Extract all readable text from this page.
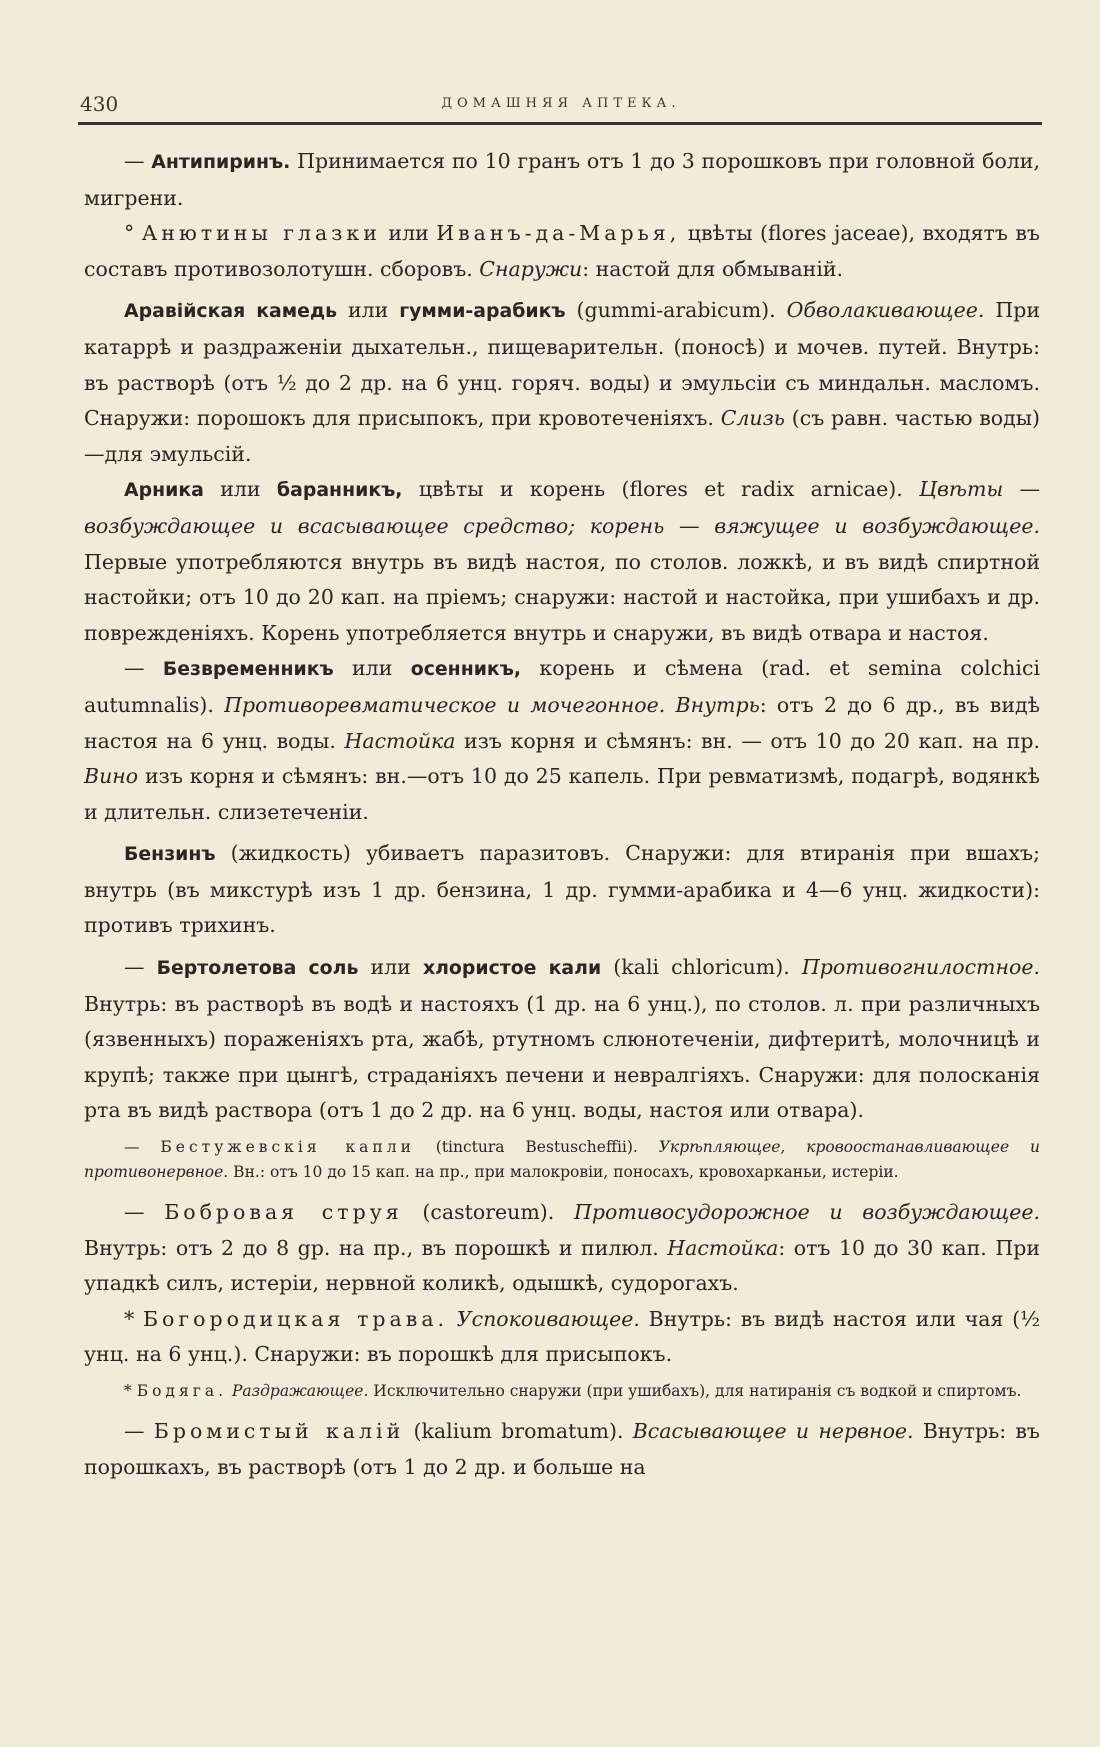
430	ДОМАШНЯЯ АПТЕКА.

— Антипиринъ. Принимается по 10 гранъ отъ 1 до 3 порошковъ при головной боли, мигрени.

° Анютины глазки или Иванъ-да-Марья, цвѣты (flores jaceae), входятъ въ составъ противозолотушн. сборовъ. Снаружи: настой для обмываній.

Аравійская камедь или гумми-арабикъ (gummi-arabicum). Обволакивающее. При катаррѣ и раздраженіи дыхательн., пищеварительн. (поносѣ) и мочев. путей. Внутрь: въ растворѣ (отъ ½ до 2 др. на 6 унц. горяч. воды) и эмульсіи съ миндальн. масломъ. Снаружи: порошокъ для присыпокъ, при кровотеченіяхъ. Слизь (съ равн. частью воды)—для эмульсій.

Арника или баранникъ, цвѣты и корень (flores et radix arnicae). Цвѣты — возбуждающее и всасывающее средство; корень — вяжущее и возбуждающее. Первые употребляются внутрь въ видѣ настоя, по столов. ложкѣ, и въ видѣ спиртной настойки; отъ 10 до 20 кап. на пріемъ; снаружи: настой и настойка, при ушибахъ и др. поврежденіяхъ. Корень употребляется внутрь и снаружи, въ видѣ отвара и настоя.

— Безвременникъ или осенникъ, корень и сѣмена (rad. et semina colchici autumnalis). Противоревматическое и мочегонное. Внутрь: отъ 2 до 6 др., въ видѣ настоя на 6 унц. воды. Настойка изъ корня и сѣмянъ: вн. — отъ 10 до 20 кап. на пр. Вино изъ корня и сѣмянъ: вн.—отъ 10 до 25 капель. При ревматизмѣ, подагрѣ, водянкѣ и длительн. слизетеченіи.

Бензинъ (жидкость) убиваетъ паразитовъ. Снаружи: для втиранія при вшахъ; внутрь (въ микстурѣ изъ 1 др. бензина, 1 др. гумми-арабика и 4—6 унц. жидкости): противъ трихинъ.

— Бертолетова соль или хлористое кали (kali chloricum). Противогнилостное. Внутрь: въ растворѣ въ водѣ и настояхъ (1 др. на 6 унц.), по столов. л. при различныхъ (язвенныхъ) пораженіяхъ рта, жабѣ, ртутномъ слюнотеченіи, дифтеритѣ, молочницѣ и крупѣ; также при цынгѣ, страданіяхъ печени и невралгіяхъ. Снаружи: для полосканія рта въ видѣ раствора (отъ 1 до 2 др. на 6 унц. воды, настоя или отвара).

— Бестужевскія капли (tinctura Bestuscheffii). Укрѣпляющее, кровоостанавливающее и противонервное. Вн.: отъ 10 до 15 кап. на пр., при малокровіи, поносахъ, кровохарканьи, истеріи.

— Бобровая струя (castoreum). Противосудорожное и возбуждающее. Внутрь: отъ 2 до 8 gр. на пр., въ порошкѣ и пилюл. Настойка: отъ 10 до 30 кап. При упадкѣ силъ, истеріи, нервной коликѣ, одышкѣ, судорогахъ.

* Богородицкая трава. Успокоивающее. Внутрь: въ видѣ настоя или чая (½ унц. на 6 унц.). Снаружи: въ порошкѣ для присыпокъ.

* Бодяга. Раздражающее. Исключительно снаружи (при ушибахъ), для натиранія съ водкой и спиртомъ.

— Бромистый калій (kalium bromatum). Всасывающее и нервное. Внутрь: въ порошкахъ, въ растворѣ (отъ 1 до 2 др. и больше на
